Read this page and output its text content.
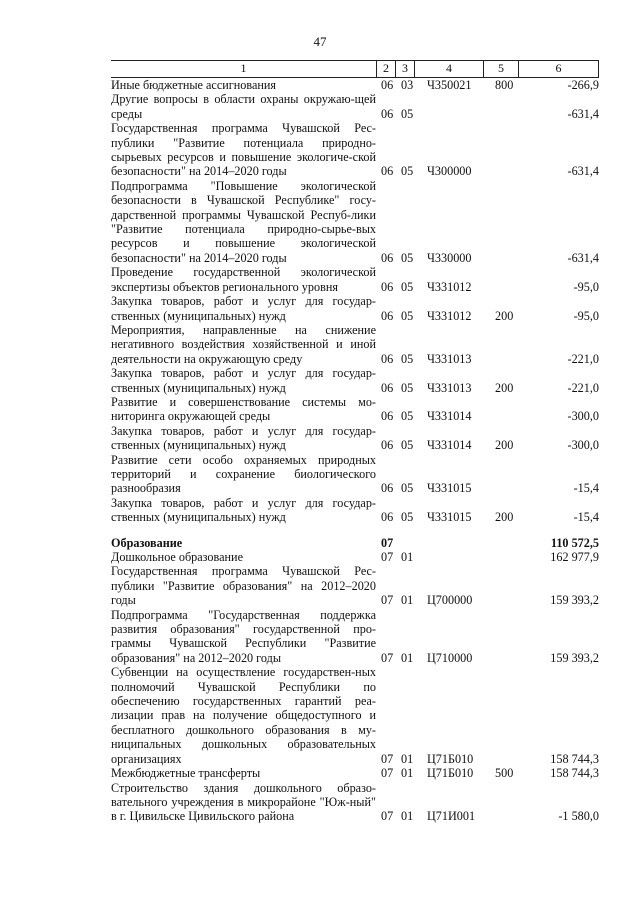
47
1	2	3	4	5	6
Иные бюджетные ассигнования	06 03 Ч350021 800	-266,9
Другие вопросы в области охраны окружаю-щей среды	06 05	-631,4
Государственная программа Чувашской Рес-публики "Развитие потенциала природно-сырьевых ресурсов и повышение экологиче-ской безопасности" на 2014–2020 годы	06 05 Ч300000	-631,4
Подпрограмма "Повышение экологической безопасности в Чувашской Республике" госу-дарственной программы Чувашской Респуб-лики "Развитие потенциала природно-сырье-вых ресурсов и повышение экологической безопасности" на 2014–2020 годы	06 05 Ч330000	-631,4
Проведение государственной экологической экспертизы объектов регионального уровня	06 05 Ч331012	-95,0
Закупка товаров, работ и услуг для государ-ственных (муниципальных) нужд	06 05 Ч331012 200	-95,0
Мероприятия, направленные на снижение негативного воздействия хозяйственной и иной деятельности на окружающую среду	06 05 Ч331013	-221,0
Закупка товаров, работ и услуг для государ-ственных (муниципальных) нужд	06 05 Ч331013 200	-221,0
Развитие и совершенствование системы мо-ниторинга окружающей среды	06 05 Ч331014	-300,0
Закупка товаров, работ и услуг для государ-ственных (муниципальных) нужд	06 05 Ч331014 200	-300,0
Развитие сети особо охраняемых природных территорий и сохранение биологического разнообразия	06 05 Ч331015	-15,4
Закупка товаров, работ и услуг для государ-ственных (муниципальных) нужд	06 05 Ч331015 200	-15,4
Образование	07	110 572,5
Дошкольное образование	07 01	162 977,9
Государственная программа Чувашской Рес-публики "Развитие образования" на 2012–2020 годы	07 01 Ц700000	159 393,2
Подпрограмма "Государственная поддержка развития образования" государственной про-граммы Чувашской Республики "Развитие образования" на 2012–2020 годы	07 01 Ц710000	159 393,2
Субвенции на осуществление государствен-ных полномочий Чувашской Республики по обеспечению государственных гарантий реа-лизации прав на получение общедоступного и бесплатного дошкольного образования в му-ниципальных дошкольных образовательных организациях	07 01 Ц71Б010	158 744,3
Межбюджетные трансферты	07 01 Ц71Б010 500	158 744,3
Строительство здания дошкольного образо-вательного учреждения в микрорайоне "Юж-ный" в г. Цивильске Цивильского района	07 01 Ц71И001	-1 580,0
